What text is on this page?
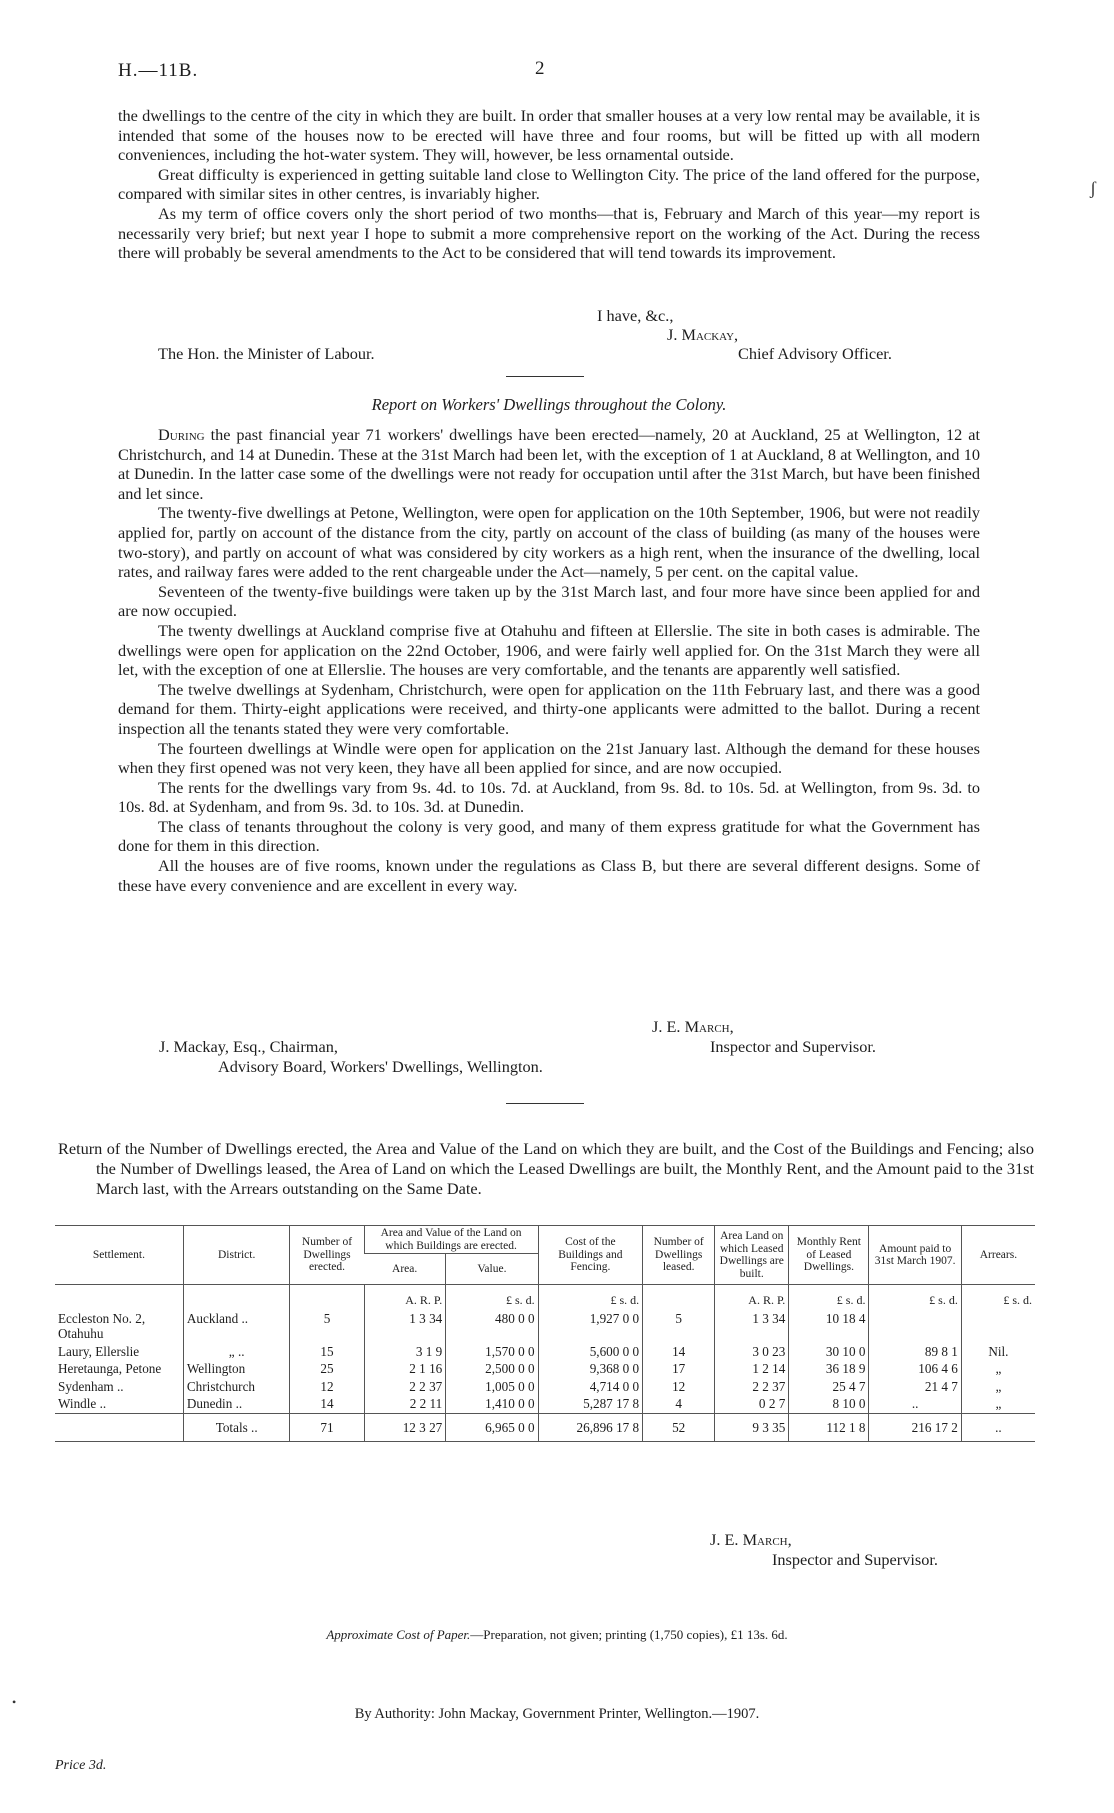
H.—11B.	2

the dwellings to the centre of the city in which they are built. In order that smaller houses at a very low rental may be available, it is intended that some of the houses now to be erected will have three and four rooms, but will be fitted up with all modern conveniences, including the hot-water system. They will, however, be less ornamental outside.

Great difficulty is experienced in getting suitable land close to Wellington City. The price of the land offered for the purpose, compared with similar sites in other centres, is invariably higher.

As my term of office covers only the short period of two months—that is, February and March of this year—my report is necessarily very brief; but next year I hope to submit a more comprehensive report on the working of the Act. During the recess there will probably be several amendments to the Act to be considered that will tend towards its improvement.

I have, &c.,
J. Mackay,
The Hon. the Minister of Labour.	Chief Advisory Officer.
Report on Workers' Dwellings throughout the Colony.

During the past financial year 71 workers' dwellings have been erected—namely, 20 at Auckland, 25 at Wellington, 12 at Christchurch, and 14 at Dunedin. These at the 31st March had been let, with the exception of 1 at Auckland, 8 at Wellington, and 10 at Dunedin. In the latter case some of the dwellings were not ready for occupation until after the 31st March, but have been finished and let since.

The twenty-five dwellings at Petone, Wellington, were open for application on the 10th September, 1906, but were not readily applied for, partly on account of the distance from the city, partly on account of the class of building (as many of the houses were two-story), and partly on account of what was considered by city workers as a high rent, when the insurance of the dwelling, local rates, and railway fares were added to the rent chargeable under the Act—namely, 5 per cent. on the capital value.

Seventeen of the twenty-five buildings were taken up by the 31st March last, and four more have since been applied for and are now occupied.

The twenty dwellings at Auckland comprise five at Otahuhu and fifteen at Ellerslie. The site in both cases is admirable. The dwellings were open for application on the 22nd October, 1906, and were fairly well applied for. On the 31st March they were all let, with the exception of one at Ellerslie. The houses are very comfortable, and the tenants are apparently well satisfied.

The twelve dwellings at Sydenham, Christchurch, were open for application on the 11th February last, and there was a good demand for them. Thirty-eight applications were received, and thirty-one applicants were admitted to the ballot. During a recent inspection all the tenants stated they were very comfortable.

The fourteen dwellings at Windle were open for application on the 21st January last. Although the demand for these houses when they first opened was not very keen, they have all been applied for since, and are now occupied.

The rents for the dwellings vary from 9s. 4d. to 10s. 7d. at Auckland, from 9s. 8d. to 10s. 5d. at Wellington, from 9s. 3d. to 10s. 8d. at Sydenham, and from 9s. 3d. to 10s. 3d. at Dunedin.

The class of tenants throughout the colony is very good, and many of them express gratitude for what the Government has done for them in this direction.

All the houses are of five rooms, known under the regulations as Class B, but there are several different designs. Some of these have every convenience and are excellent in every way.

J. E. March,
J. Mackay, Esq., Chairman,	Inspector and Supervisor.
Advisory Board, Workers' Dwellings, Wellington.
Return of the Number of Dwellings erected, the Area and Value of the Land on which they are built, and the Cost of the Buildings and Fencing; also the Number of Dwellings leased, the Area of Land on which the Leased Dwellings are built, the Monthly Rent, and the Amount paid to the 31st March last, with the Arrears outstanding on the Same Date.
Settlement.	District.	Number of Dwellings erected.	Area and Value of the Land on which Buildings are erected.		Cost of the Buildings and Fencing.	Number of Dwellings leased.	Area Land on which Leased Dwellings are built.	Monthly Rent of Leased Dwellings.	Amount paid to 31st March 1907.	Arrears.
			Area.	Value.						
			A. R. P.	£ s. d.	£ s. d.		A. R. P.	£ s. d.	£ s. d.	£ s. d.
Eccleston No. 2, Otahuhu	Auckland ..	5	1 3 34	480 0 0	1,927 0 0	5	1 3 34	10 18 4		
Laury, Ellerslie	„ ..	15	3 1 9	1,570 0 0	5,600 0 0	14	3 0 23	30 10 0	89 8 1	Nil.
Heretaunga, Petone	Wellington	25	2 1 16	2,500 0 0	9,368 0 0	17	1 2 14	36 18 9	106 4 6	„
Sydenham ..	Christchurch	12	2 2 37	1,005 0 0	4,714 0 0	12	2 2 37	25 4 7	21 4 7	„
Windle ..	Dunedin ..	14	2 2 11	1,410 0 0	5,287 17 8	4	0 2 7	8 10 0	..	„
	Totals ..	71	12 3 27	6,965 0 0	26,896 17 8	52	9 3 35	112 1 8	216 17 2	..
J. E. March,
Inspector and Supervisor.
Approximate Cost of Paper.—Preparation, not given; printing (1,750 copies), £1 13s. 6d.
By Authority: John Mackay, Government Printer, Wellington.—1907.
Price 3d.
ʃ
•
